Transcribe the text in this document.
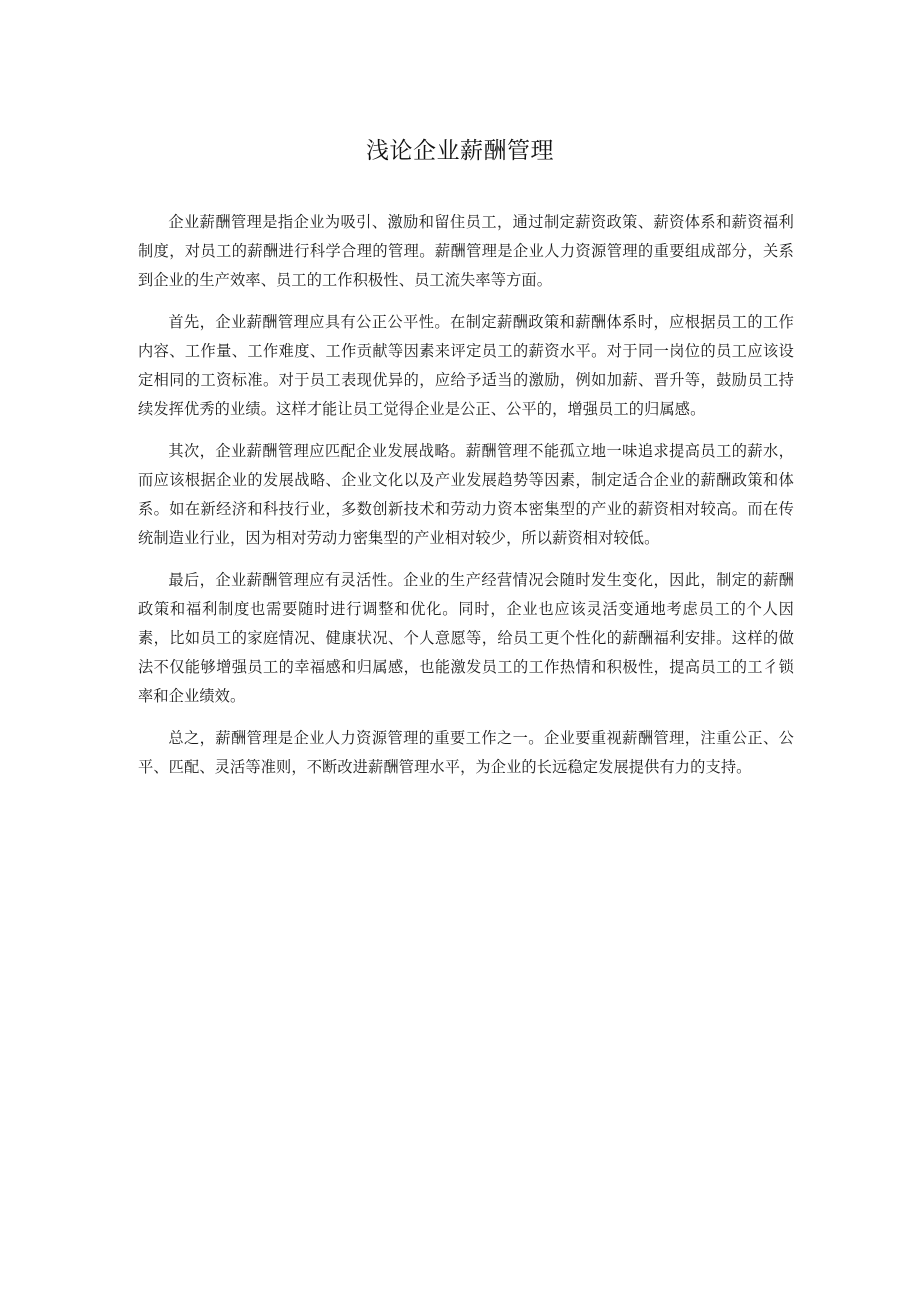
浅论企业薪酬管理

企业薪酬管理是指企业为吸引、激励和留住员工，通过制定薪资政策、薪资体系和薪资福利制度，对员工的薪酬进行科学合理的管理。薪酬管理是企业人力资源管理的重要组成部分，关系到企业的生产效率、员工的工作积极性、员工流失率等方面。

首先，企业薪酬管理应具有公正公平性。在制定薪酬政策和薪酬体系时，应根据员工的工作内容、工作量、工作难度、工作贡献等因素来评定员工的薪资水平。对于同一岗位的员工应该设定相同的工资标准。对于员工表现优异的，应给予适当的激励，例如加薪、晋升等，鼓励员工持续发挥优秀的业绩。这样才能让员工觉得企业是公正、公平的，增强员工的归属感。

其次，企业薪酬管理应匹配企业发展战略。薪酬管理不能孤立地一味追求提高员工的薪水，而应该根据企业的发展战略、企业文化以及产业发展趋势等因素，制定适合企业的薪酬政策和体系。如在新经济和科技行业，多数创新技术和劳动力资本密集型的产业的薪资相对较高。而在传统制造业行业，因为相对劳动力密集型的产业相对较少，所以薪资相对较低。

最后，企业薪酬管理应有灵活性。企业的生产经营情况会随时发生变化，因此，制定的薪酬政策和福利制度也需要随时进行调整和优化。同时，企业也应该灵活变通地考虑员工的个人因素，比如员工的家庭情况、健康状况、个人意愿等，给员工更个性化的薪酬福利安排。这样的做法不仅能够增强员工的幸福感和归属感，也能激发员工的工作热情和积极性，提高员工的工彳锁率和企业绩效。

总之，薪酬管理是企业人力资源管理的重要工作之一。企业要重视薪酬管理，注重公正、公平、匹配、灵活等准则，不断改进薪酬管理水平，为企业的长远稳定发展提供有力的支持。
